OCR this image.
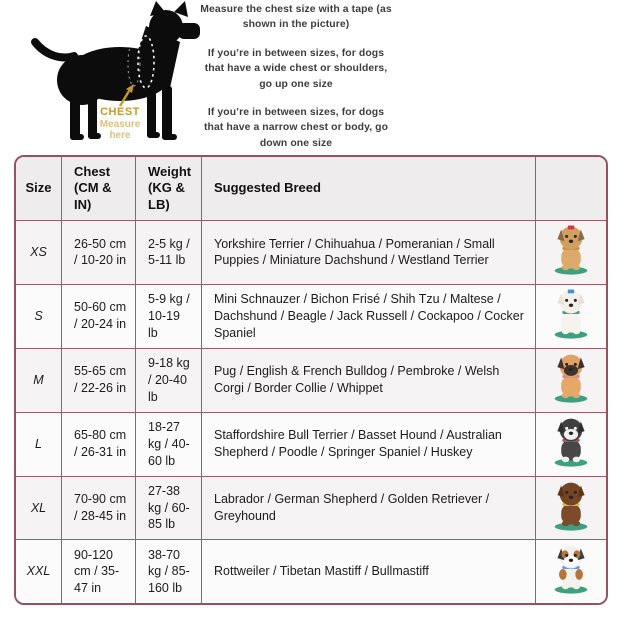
CHEST
Measure
here

Measure the chest size with a tape (as shown in the picture)

If you’re in between sizes, for dogs that have a wide chest or shoulders, go up one size

If you’re in between sizes, for dogs that have a narrow chest or body, go down one size

Size	Chest (CM & IN)	Weight (KG & LB)	Suggested Breed	
XS	26-50 cm / 10-20 in	2-5 kg / 5-11 lb	Yorkshire Terrier / Chihuahua / Pomeranian / Small Puppies / Miniature Dachshund / Westland Terrier	
S	50-60 cm / 20-24 in	5-9 kg / 10-19 lb	Mini Schnauzer / Bichon Frisé / Shih Tzu / Maltese / Dachshund / Beagle / Jack Russell / Cockapoo / Cocker Spaniel	
M	55-65 cm / 22-26 in	9-18 kg / 20-40 lb	Pug / English & French Bulldog / Pembroke / Welsh Corgi / Border Collie / Whippet	
L	65-80 cm / 26-31 in	18-27 kg / 40-60 lb	Staffordshire Bull Terrier / Basset Hound / Australian Shepherd / Poodle / Springer Spaniel / Huskey	
XL	70-90 cm / 28-45 in	27-38 kg / 60-85 lb	Labrador / German Shepherd / Golden Retriever / Greyhound	
XXL	90-120 cm / 35-47 in	38-70 kg / 85-160 lb	Rottweiler / Tibetan Mastiff / Bullmastiff	
